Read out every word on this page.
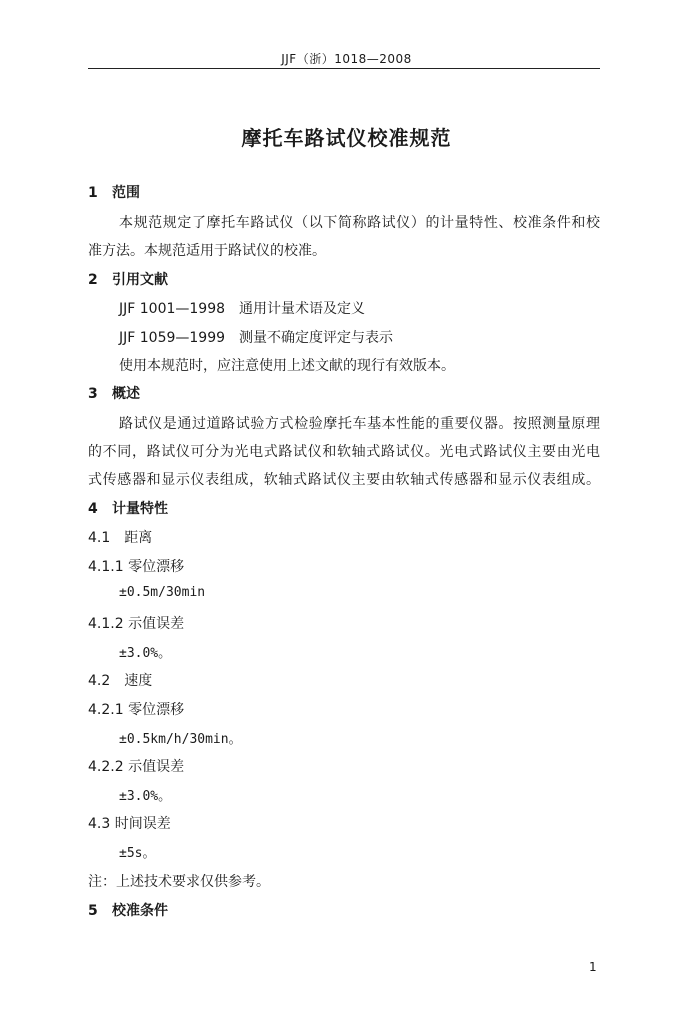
JJF（浙）1018—2008
摩托车路试仪校准规范
1 范围
本规范规定了摩托车路试仪（以下简称路试仪）的计量特性、校准条件和校
准方法。本规范适用于路试仪的校准。
2 引用文献
JJF 1001—1998　通用计量术语及定义
JJF 1059—1999　测量不确定度评定与表示
使用本规范时，应注意使用上述文献的现行有效版本。
3 概述
路试仪是通过道路试验方式检验摩托车基本性能的重要仪器。按照测量原理
的不同，路试仪可分为光电式路试仪和软轴式路试仪。光电式路试仪主要由光电
式传感器和显示仪表组成，软轴式路试仪主要由软轴式传感器和显示仪表组成。
4 计量特性
4.1　距离
4.1.1 零位漂移
±0.5m/30min
4.1.2 示值误差
±3.0%。
4.2　速度
4.2.1 零位漂移
±0.5km/h/30min。
4.2.2 示值误差
±3.0%。
4.3 时间误差
±5s。
注：上述技术要求仅供参考。
5 校准条件
1
